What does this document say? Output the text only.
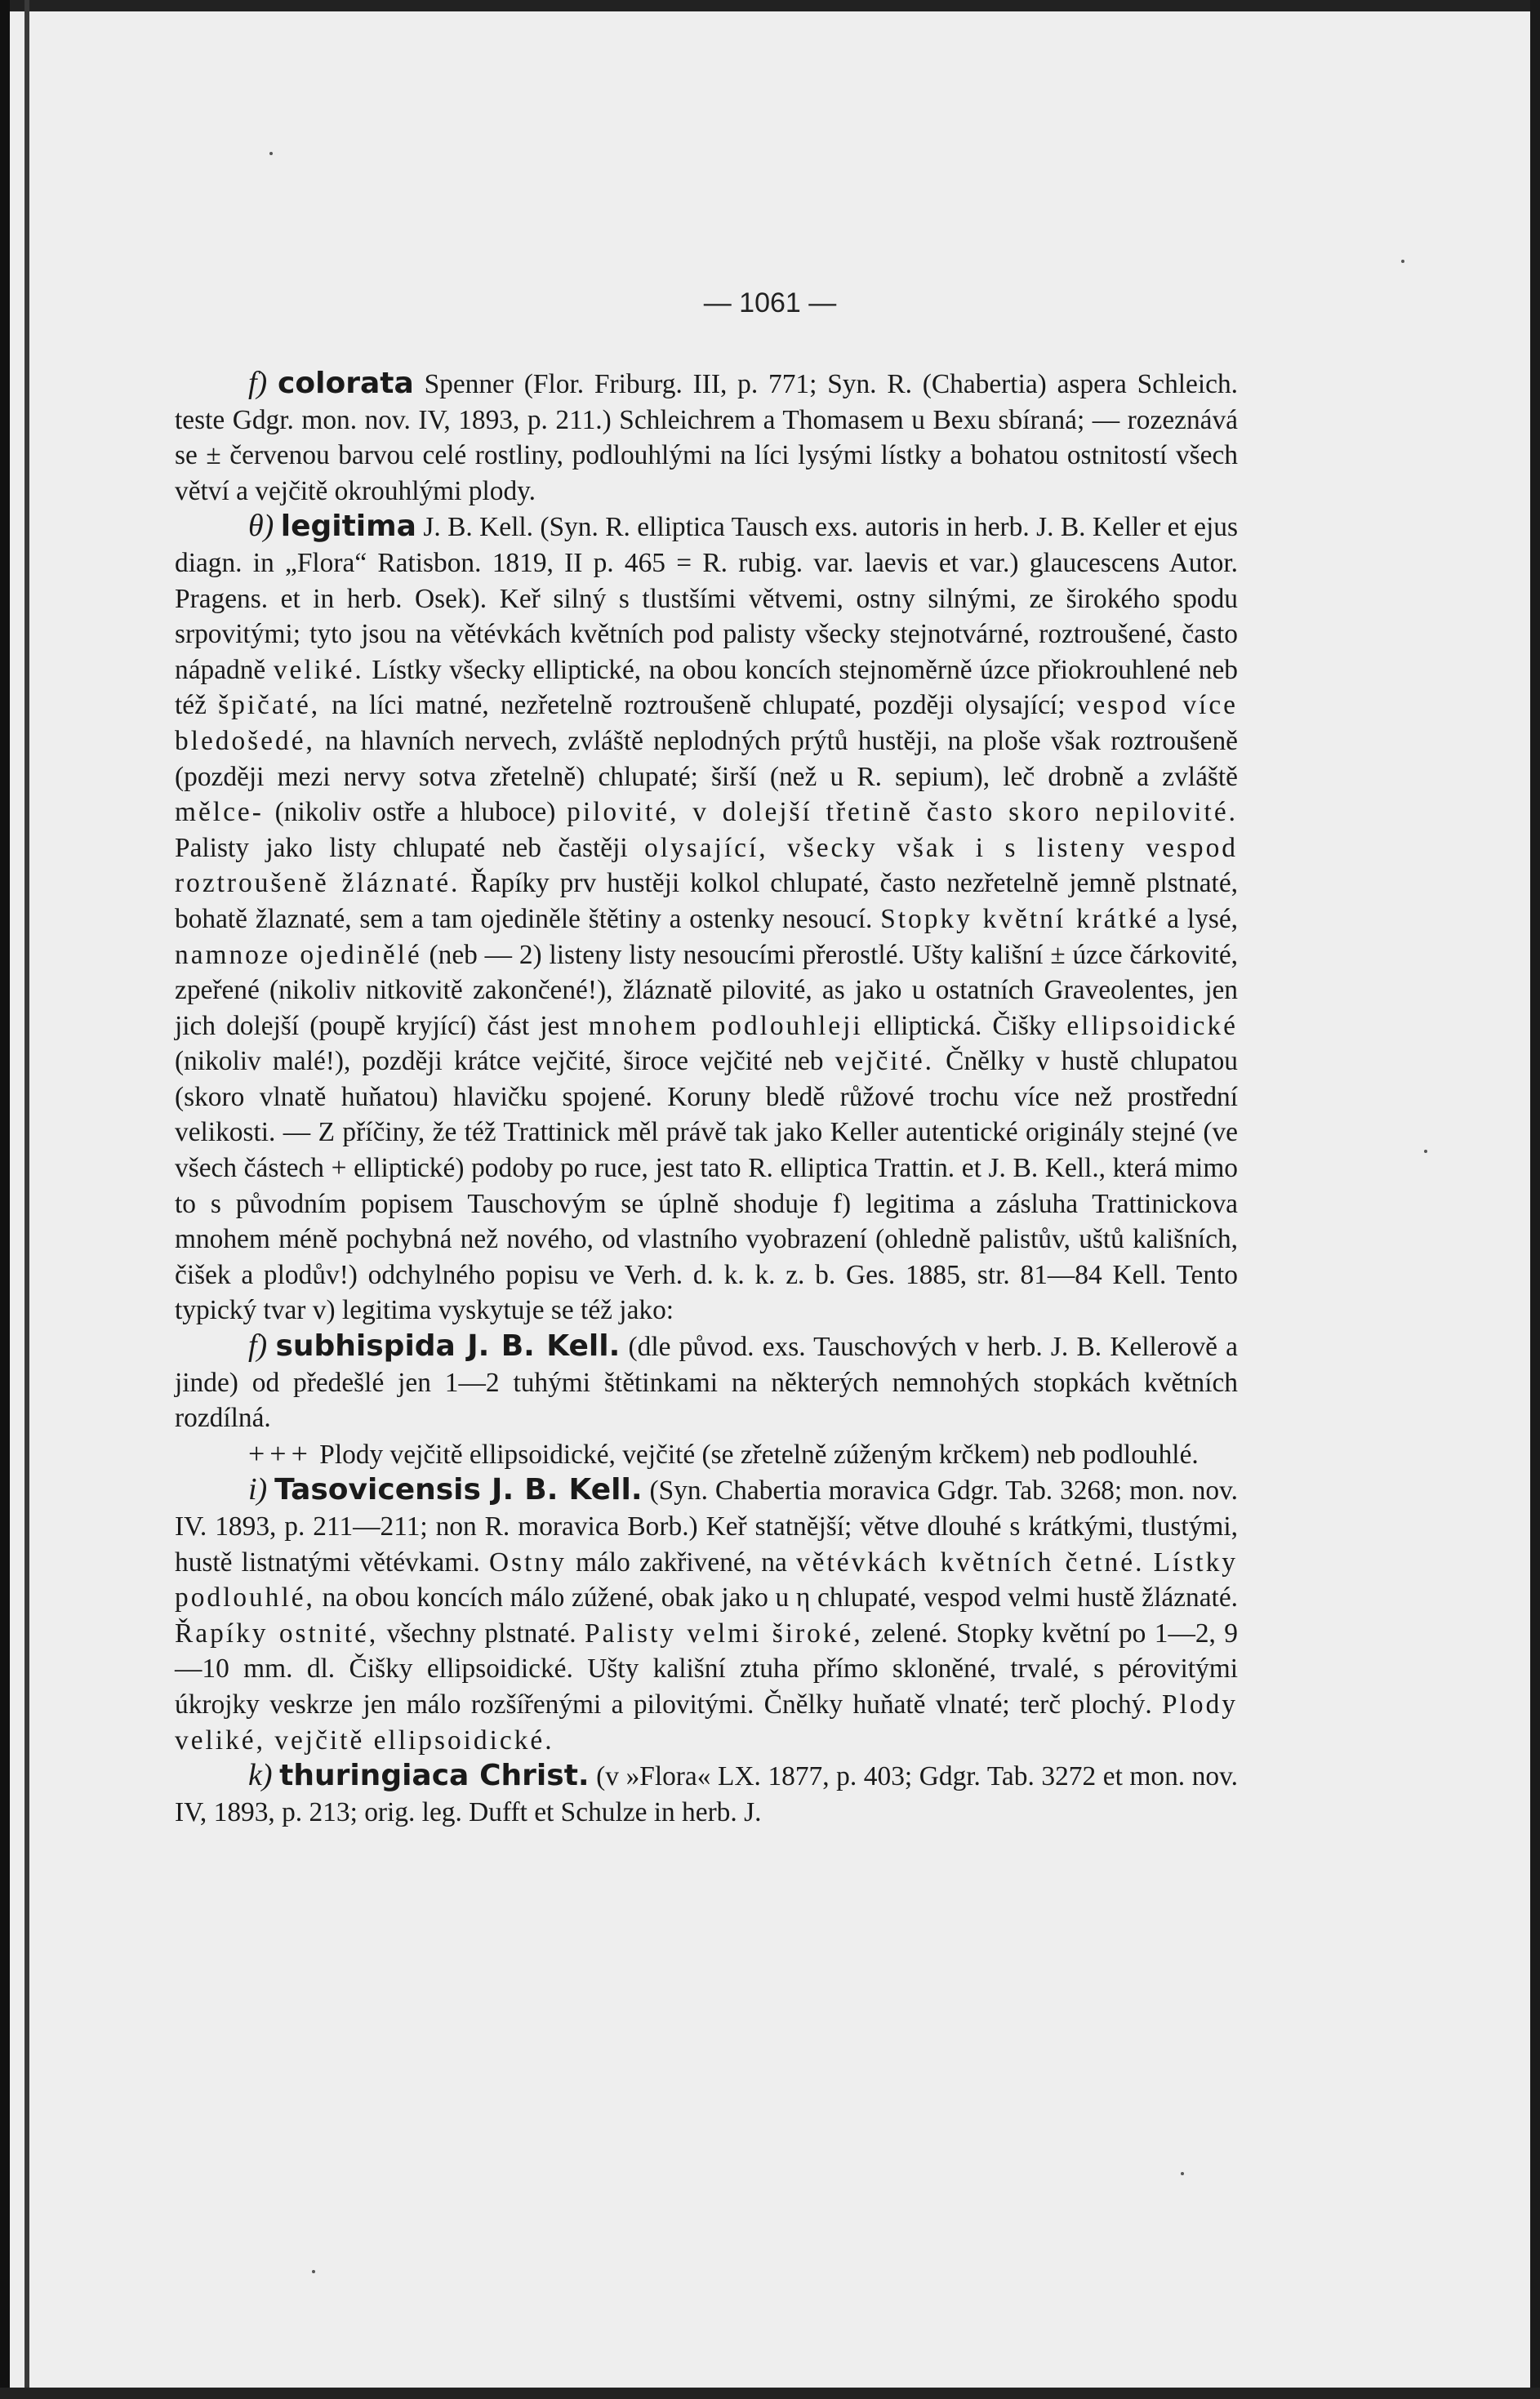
— 1061 —

f) colorata Spenner (Flor. Friburg. III, p. 771; Syn. R. (Chabertia) aspera Schleich. teste Gdgr. mon. nov. IV, 1893, p. 211.) Schleichrem a Thomasem u Bexu sbíraná; — rozeznává se ± červenou barvou celé rostliny, podlouhlými na líci lysými lístky a bohatou ostnitostí všech větví a vejčitě okrouhlými plody.

θ) legitima J. B. Kell. (Syn. R. elliptica Tausch exs. autoris in herb. J. B. Keller et ejus diagn. in „Flora“ Ratisbon. 1819, II p. 465 = R. rubig. var. laevis et var.) glaucescens Autor. Pragens. et in herb. Osek). Keř silný s tlustšími větvemi, ostny silnými, ze širokého spodu srpovitými; tyto jsou na větévkách květních pod palisty všecky stejnotvárné, roztroušené, často nápadně veliké. Lístky všecky elliptické, na obou koncích stejnoměrně úzce přiokrouhlené neb též špičaté, na líci matné, nezřetelně roztroušeně chlupaté, později olysající; vespod více bledošedé, na hlavních nervech, zvláště neplodných prýtů hustěji, na ploše však roztroušeně (později mezi nervy sotva zřetelně) chlupaté; širší (než u R. sepium), leč drobně a zvláště mělce- (nikoliv ostře a hluboce) pilovité, v dolejší třetině často skoro nepilovité. Palisty jako listy chlupaté neb častěji olysající, všecky však i s listeny vespod roztroušeně žláznaté. Řapíky prv hustěji kolkol chlupaté, často nezřetelně jemně plstnaté, bohatě žlaznaté, sem a tam ojediněle štětiny a ostenky nesoucí. Stopky květní krátké a lysé, namnoze ojedinělé (neb — 2) listeny listy nesoucími přerostlé. Ušty kališní ± úzce čárkovité, zpeřené (nikoliv nitkovitě zakončené!), žláznatě pilovité, as jako u ostatních Graveolentes, jen jich dolejší (poupě kryjící) část jest mnohem podlouhleji elliptická. Čišky ellipsoidické (nikoliv malé!), později krátce vejčité, široce vejčité neb vejčité. Čnělky v hustě chlupatou (skoro vlnatě huňatou) hlavičku spojené. Koruny bledě růžové trochu více než prostřední velikosti. — Z příčiny, že též Trattinick měl právě tak jako Keller autentické originály stejné (ve všech částech + elliptické) podoby po ruce, jest tato R. elliptica Trattin. et J. B. Kell., která mimo to s původním popisem Tauschovým se úplně shoduje f) legitima a zásluha Trattinickova mnohem méně pochybná než nového, od vlastního vyobrazení (ohledně palistův, uštů kališních, čišek a plodův!) odchylného popisu ve Verh. d. k. k. z. b. Ges. 1885, str. 81—84 Kell. Tento typický tvar v) legitima vyskytuje se též jako:

f) subhispida J. B. Kell. (dle původ. exs. Tauschových v herb. J. B. Kellerově a jinde) od předešlé jen 1—2 tuhými štětinkami na některých nemnohých stopkách květních rozdílná.

+++ Plody vejčitě ellipsoidické, vejčité (se zřetelně zúženým krčkem) neb podlouhlé.

i) Tasovicensis J. B. Kell. (Syn. Chabertia moravica Gdgr. Tab. 3268; mon. nov. IV. 1893, p. 211—211; non R. moravica Borb.) Keř statnější; větve dlouhé s krátkými, tlustými, hustě listnatými větévkami. Ostny málo zakřivené, na větévkách květních četné. Lístky podlouhlé, na obou koncích málo zúžené, obak jako u η chlupaté, vespod velmi hustě žláznaté. Řapíky ostnité, všechny plstnaté. Palisty velmi široké, zelené. Stopky květní po 1—2, 9—10 mm. dl. Čišky ellipsoidické. Ušty kališní ztuha přímo skloněné, trvalé, s pérovitými úkrojky veskrze jen málo rozšířenými a pilovitými. Čnělky huňatě vlnaté; terč plochý. Plody veliké, vejčitě ellipsoidické.

k) thuringiaca Christ. (v »Flora« LX. 1877, p. 403; Gdgr. Tab. 3272 et mon. nov. IV, 1893, p. 213; orig. leg. Dufft et Schulze in herb. J.
